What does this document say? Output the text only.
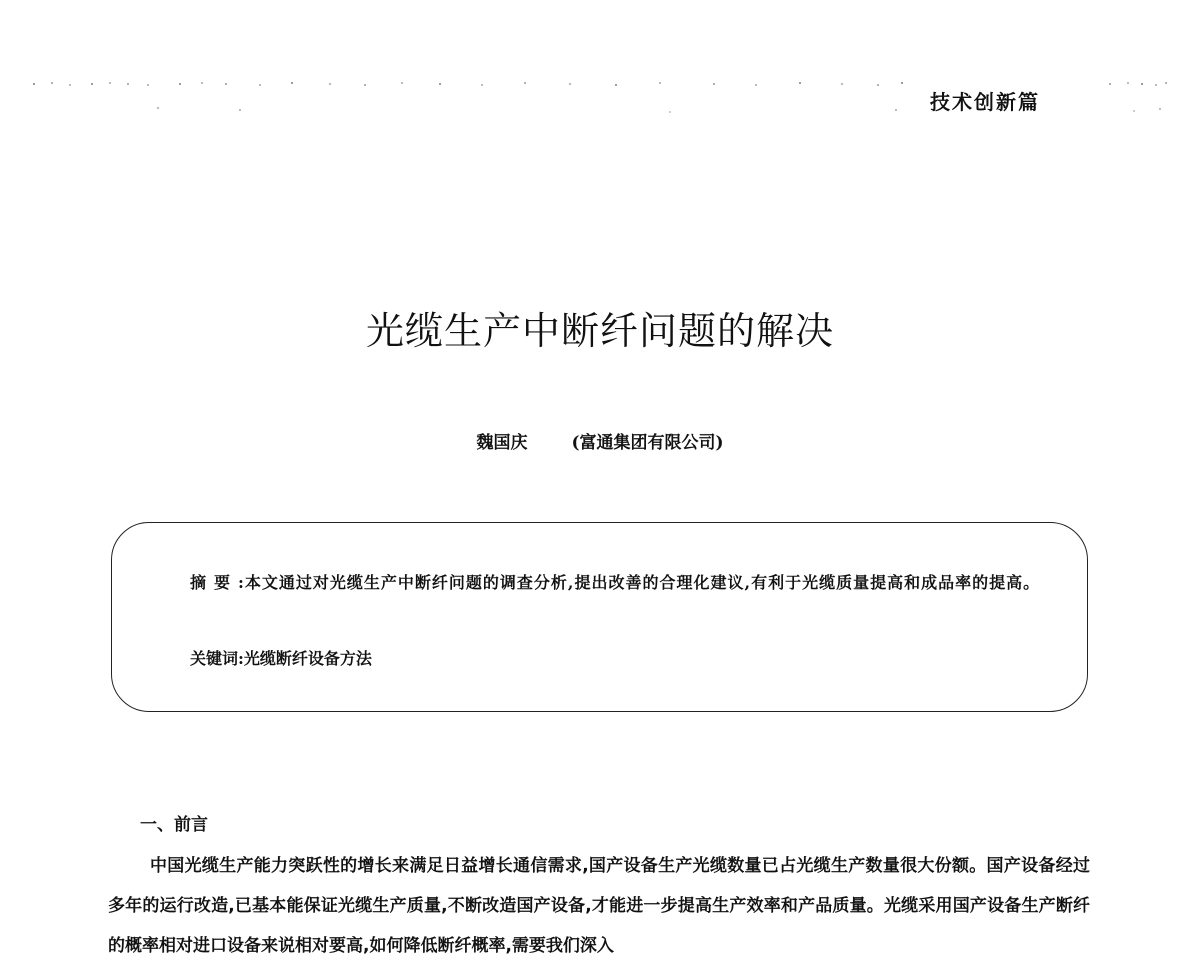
技术创新篇
光缆生产中断纤问题的解决
魏国庆	(富通集团有限公司)
摘要:本文通过对光缆生产中断纤问题的调查分析,提出改善的合理化建议,有利于光缆质量提高和成品率的提高。
关键词:光缆断纤设备方法
一、前言
中国光缆生产能力突跃性的增长来满足日益增长通信需求,国产设备生产光缆数量已占光缆生产数量很大份额。国产设备经过多年的运行改造,已基本能保证光缆生产质量,不断改造国产设备,才能进一步提高生产效率和产品质量。光缆采用国产设备生产断纤的概率相对进口设备来说相对要高,如何降低断纤概率,需要我们深入
